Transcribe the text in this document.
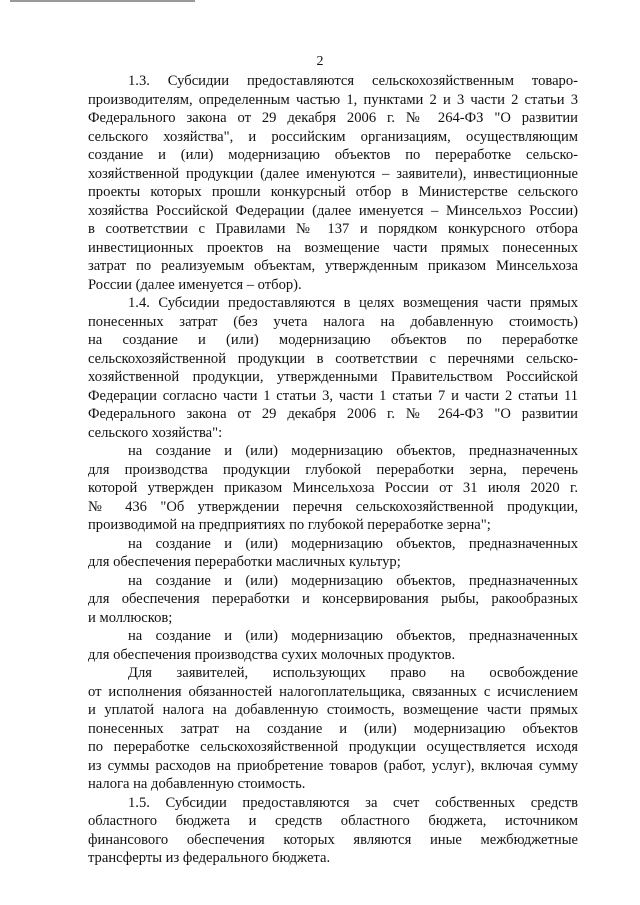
2
1.3. Субсидии предоставляются сельскохозяйственным товаро-
производителям, определенным частью 1, пунктами 2 и 3 части 2 статьи 3
Федерального закона от 29 декабря 2006 г. № 264-ФЗ "О развитии
сельского хозяйства", и российским организациям, осуществляющим
создание и (или) модернизацию объектов по переработке сельско-
хозяйственной продукции (далее именуются – заявители), инвестиционные
проекты которых прошли конкурсный отбор в Министерстве сельского
хозяйства Российской Федерации (далее именуется – Минсельхоз России)
в соответствии с Правилами № 137 и порядком конкурсного отбора
инвестиционных проектов на возмещение части прямых понесенных
затрат по реализуемым объектам, утвержденным приказом Минсельхоза
России (далее именуется – отбор).
1.4. Субсидии предоставляются в целях возмещения части прямых
понесенных затрат (без учета налога на добавленную стоимость)
на создание и (или) модернизацию объектов по переработке
сельскохозяйственной продукции в соответствии с перечнями сельско-
хозяйственной продукции, утвержденными Правительством Российской
Федерации согласно части 1 статьи 3, части 1 статьи 7 и части 2 статьи 11
Федерального закона от 29 декабря 2006 г. № 264-ФЗ "О развитии
сельского хозяйства":
на создание и (или) модернизацию объектов, предназначенных
для производства продукции глубокой переработки зерна, перечень
которой утвержден приказом Минсельхоза России от 31 июля 2020 г.
№ 436 "Об утверждении перечня сельскохозяйственной продукции,
производимой на предприятиях по глубокой переработке зерна";
на создание и (или) модернизацию объектов, предназначенных
для обеспечения переработки масличных культур;
на создание и (или) модернизацию объектов, предназначенных
для обеспечения переработки и консервирования рыбы, ракообразных
и моллюсков;
на создание и (или) модернизацию объектов, предназначенных
для обеспечения производства сухих молочных продуктов.
Для заявителей, использующих право на освобождение
от исполнения обязанностей налогоплательщика, связанных с исчислением
и уплатой налога на добавленную стоимость, возмещение части прямых
понесенных затрат на создание и (или) модернизацию объектов
по переработке сельскохозяйственной продукции осуществляется исходя
из суммы расходов на приобретение товаров (работ, услуг), включая сумму
налога на добавленную стоимость.
1.5. Субсидии предоставляются за счет собственных средств
областного бюджета и средств областного бюджета, источником
финансового обеспечения которых являются иные межбюджетные
трансферты из федерального бюджета.
